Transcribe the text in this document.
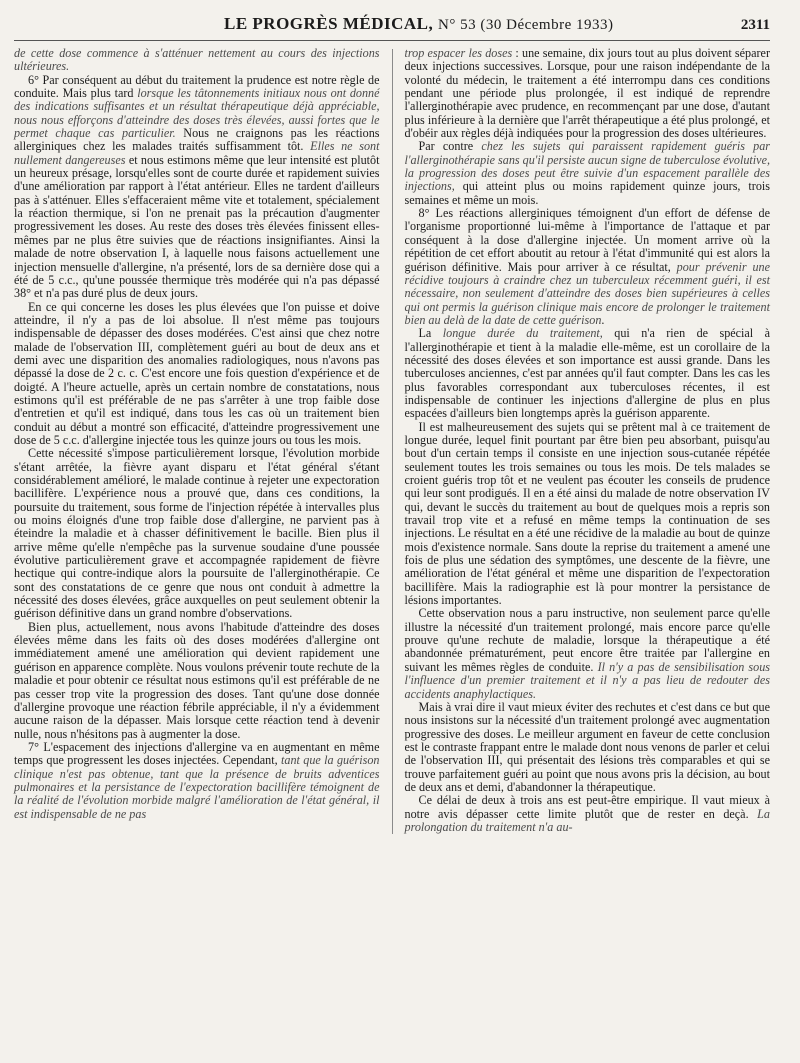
LE PROGRÈS MÉDICAL, N° 53 (30 Décembre 1933)	2311

de cette dose commence à s'atténuer nettement au cours des injections ultérieures.

6° Par conséquent au début du traitement la prudence est notre règle de conduite. Mais plus tard lorsque les tâtonnements initiaux nous ont donné des indications suffisantes et un résultat thérapeutique déjà appréciable, nous nous efforçons d'atteindre des doses très élevées, aussi fortes que le permet chaque cas particulier. Nous ne craignons pas les réactions allerginiques chez les malades traités suffisamment tôt. Elles ne sont nullement dangereuses et nous estimons même que leur intensité est plutôt un heureux présage, lorsqu'elles sont de courte durée et rapidement suivies d'une amélioration par rapport à l'état antérieur. Elles ne tardent d'ailleurs pas à s'atténuer. Elles s'effaceraient même vite et totalement, spécialement la réaction thermique, si l'on ne prenait pas la précaution d'augmenter progressivement les doses. Au reste des doses très élevées finissent elles-mêmes par ne plus être suivies que de réactions insignifiantes. Ainsi la malade de notre observation I, à laquelle nous faisons actuellement une injection mensuelle d'allergine, n'a présenté, lors de sa dernière dose qui a été de 5 c.c., qu'une poussée thermique très modérée qui n'a pas dépassé 38° et n'a pas duré plus de deux jours.

En ce qui concerne les doses les plus élevées que l'on puisse et doive atteindre, il n'y a pas de loi absolue. Il n'est même pas toujours indispensable de dépasser des doses modérées. C'est ainsi que chez notre malade de l'observation III, complètement guéri au bout de deux ans et demi avec une disparition des anomalies radiologiques, nous n'avons pas dépassé la dose de 2 c. c. C'est encore une fois question d'expérience et de doigté. A l'heure actuelle, après un certain nombre de constatations, nous estimons qu'il est préférable de ne pas s'arrêter à une trop faible dose d'entretien et qu'il est indiqué, dans tous les cas où un traitement bien conduit au début a montré son efficacité, d'atteindre progressivement une dose de 5 c.c. d'allergine injectée tous les quinze jours ou tous les mois.

Cette nécessité s'impose particulièrement lorsque, l'évolution morbide s'étant arrêtée, la fièvre ayant disparu et l'état général s'étant considérablement amélioré, le malade continue à rejeter une expectoration bacillifère. L'expérience nous a prouvé que, dans ces conditions, la poursuite du traitement, sous forme de l'injection répétée à intervalles plus ou moins éloignés d'une trop faible dose d'allergine, ne parvient pas à éteindre la maladie et à chasser définitivement le bacille. Bien plus il arrive même qu'elle n'empêche pas la survenue soudaine d'une poussée évolutive particulièrement grave et accompagnée rapidement de fièvre hectique qui contre-indique alors la poursuite de l'allerginothérapie. Ce sont des constatations de ce genre que nous ont conduit à admettre la nécessité des doses élevées, grâce auxquelles on peut seulement obtenir la guérison définitive dans un grand nombre d'observations.

Bien plus, actuellement, nous avons l'habitude d'atteindre des doses élevées même dans les faits où des doses modérées d'allergine ont immédiatement amené une amélioration qui devient rapidement une guérison en apparence complète. Nous voulons prévenir toute rechute de la maladie et pour obtenir ce résultat nous estimons qu'il est préférable de ne pas cesser trop vite la progression des doses. Tant qu'une dose donnée d'allergine provoque une réaction fébrile appréciable, il n'y a évidemment aucune raison de la dépasser. Mais lorsque cette réaction tend à devenir nulle, nous n'hésitons pas à augmenter la dose.

7° L'espacement des injections d'allergine va en augmentant en même temps que progressent les doses injectées. Cependant, tant que la guérison clinique n'est pas obtenue, tant que la présence de bruits adventices pulmonaires et la persistance de l'expectoration bacillifère témoignent de la réalité de l'évolution morbide malgré l'amélioration de l'état général, il est indispensable de ne pas

trop espacer les doses : une semaine, dix jours tout au plus doivent séparer deux injections successives. Lorsque, pour une raison indépendante de la volonté du médecin, le traitement a été interrompu dans ces conditions pendant une période plus prolongée, il est indiqué de reprendre l'allerginothérapie avec prudence, en recommençant par une dose, d'autant plus inférieure à la dernière que l'arrêt thérapeutique a été plus prolongé, et d'obéir aux règles déjà indiquées pour la progression des doses ultérieures.

Par contre chez les sujets qui paraissent rapidement guéris par l'allerginothérapie sans qu'il persiste aucun signe de tuberculose évolutive, la progression des doses peut être suivie d'un espacement parallèle des injections, qui atteint plus ou moins rapidement quinze jours, trois semaines et même un mois.

8° Les réactions allerginiques témoignent d'un effort de défense de l'organisme proportionné lui-même à l'importance de l'attaque et par conséquent à la dose d'allergine injectée. Un moment arrive où la répétition de cet effort aboutit au retour à l'état d'immunité qui est alors la guérison définitive. Mais pour arriver à ce résultat, pour prévenir une récidive toujours à craindre chez un tuberculeux récemment guéri, il est nécessaire, non seulement d'atteindre des doses bien supérieures à celles qui ont permis la guérison clinique mais encore de prolonger le traitement bien au delà de la date de cette guérison.

La longue durée du traitement, qui n'a rien de spécial à l'allerginothérapie et tient à la maladie elle-même, est un corollaire de la nécessité des doses élevées et son importance est aussi grande. Dans les tuberculoses anciennes, c'est par années qu'il faut compter. Dans les cas les plus favorables correspondant aux tuberculoses récentes, il est indispensable de continuer les injections d'allergine de plus en plus espacées d'ailleurs bien longtemps après la guérison apparente.

Il est malheureusement des sujets qui se prêtent mal à ce traitement de longue durée, lequel finit pourtant par être bien peu absorbant, puisqu'au bout d'un certain temps il consiste en une injection sous-cutanée répétée seulement toutes les trois semaines ou tous les mois. De tels malades se croient guéris trop tôt et ne veulent pas écouter les conseils de prudence qui leur sont prodigués. Il en a été ainsi du malade de notre observation IV qui, devant le succès du traitement au bout de quelques mois a repris son travail trop vite et a refusé en même temps la continuation de ses injections. Le résultat en a été une récidive de la maladie au bout de quinze mois d'existence normale. Sans doute la reprise du traitement a amené une fois de plus une sédation des symptômes, une descente de la fièvre, une amélioration de l'état général et même une disparition de l'expectoration bacillifère. Mais la radiographie est là pour montrer la persistance de lésions importantes.

Cette observation nous a paru instructive, non seulement parce qu'elle illustre la nécessité d'un traitement prolongé, mais encore parce qu'elle prouve qu'une rechute de maladie, lorsque la thérapeutique a été abandonnée prématurément, peut encore être traitée par l'allergine en suivant les mêmes règles de conduite. Il n'y a pas de sensibilisation sous l'influence d'un premier traitement et il n'y a pas lieu de redouter des accidents anaphylactiques.

Mais à vrai dire il vaut mieux éviter des rechutes et c'est dans ce but que nous insistons sur la nécessité d'un traitement prolongé avec augmentation progressive des doses. Le meilleur argument en faveur de cette conclusion est le contraste frappant entre le malade dont nous venons de parler et celui de l'observation III, qui présentait des lésions très comparables et qui se trouve parfaitement guéri au point que nous avons pris la décision, au bout de deux ans et demi, d'abandonner la thérapeutique.

Ce délai de deux à trois ans est peut-être empirique. Il vaut mieux à notre avis dépasser cette limite plutôt que de rester en deçà. La prolongation du traitement n'a au-
